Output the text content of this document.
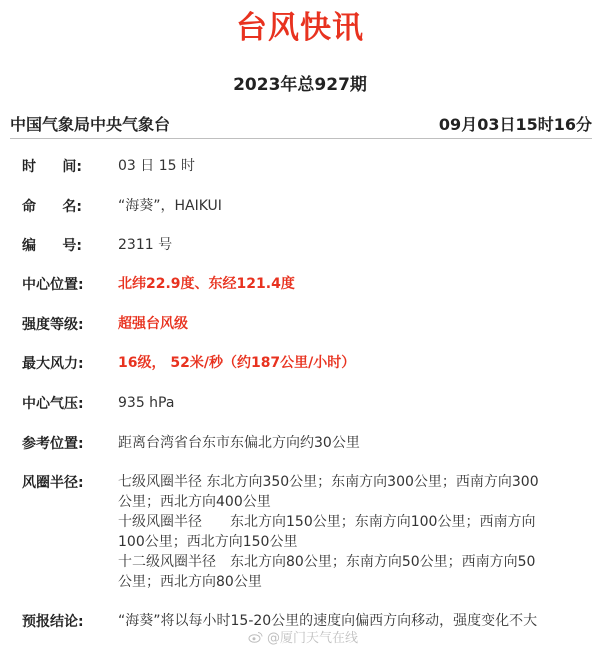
台风快讯
2023年总927期
中国气象局中央气象台	09月03日15时16分
时 间:	03 日 15 时
命 名:	“海葵”，HAIKUI
编 号:	2311 号
中心位置:	北纬22.9度、东经121.4度
强度等级:	超强台风级
最大风力:	16级， 52米/秒（约187公里/小时）
中心气压:	935 hPa
参考位置:	距离台湾省台东市东偏北方向约30公里
风圈半径:	七级风圈半径 东北方向350公里；东南方向300公里；西南方向300
公里；西北方向400公里
十级风圈半径　　东北方向150公里；东南方向100公里；西南方向
100公里；西北方向150公里
十二级风圈半径　东北方向80公里；东南方向50公里；西南方向50
公里；西北方向80公里
预报结论:	“海葵”将以每小时15-20公里的速度向偏西方向移动，强度变化不大
@厦门天气在线
